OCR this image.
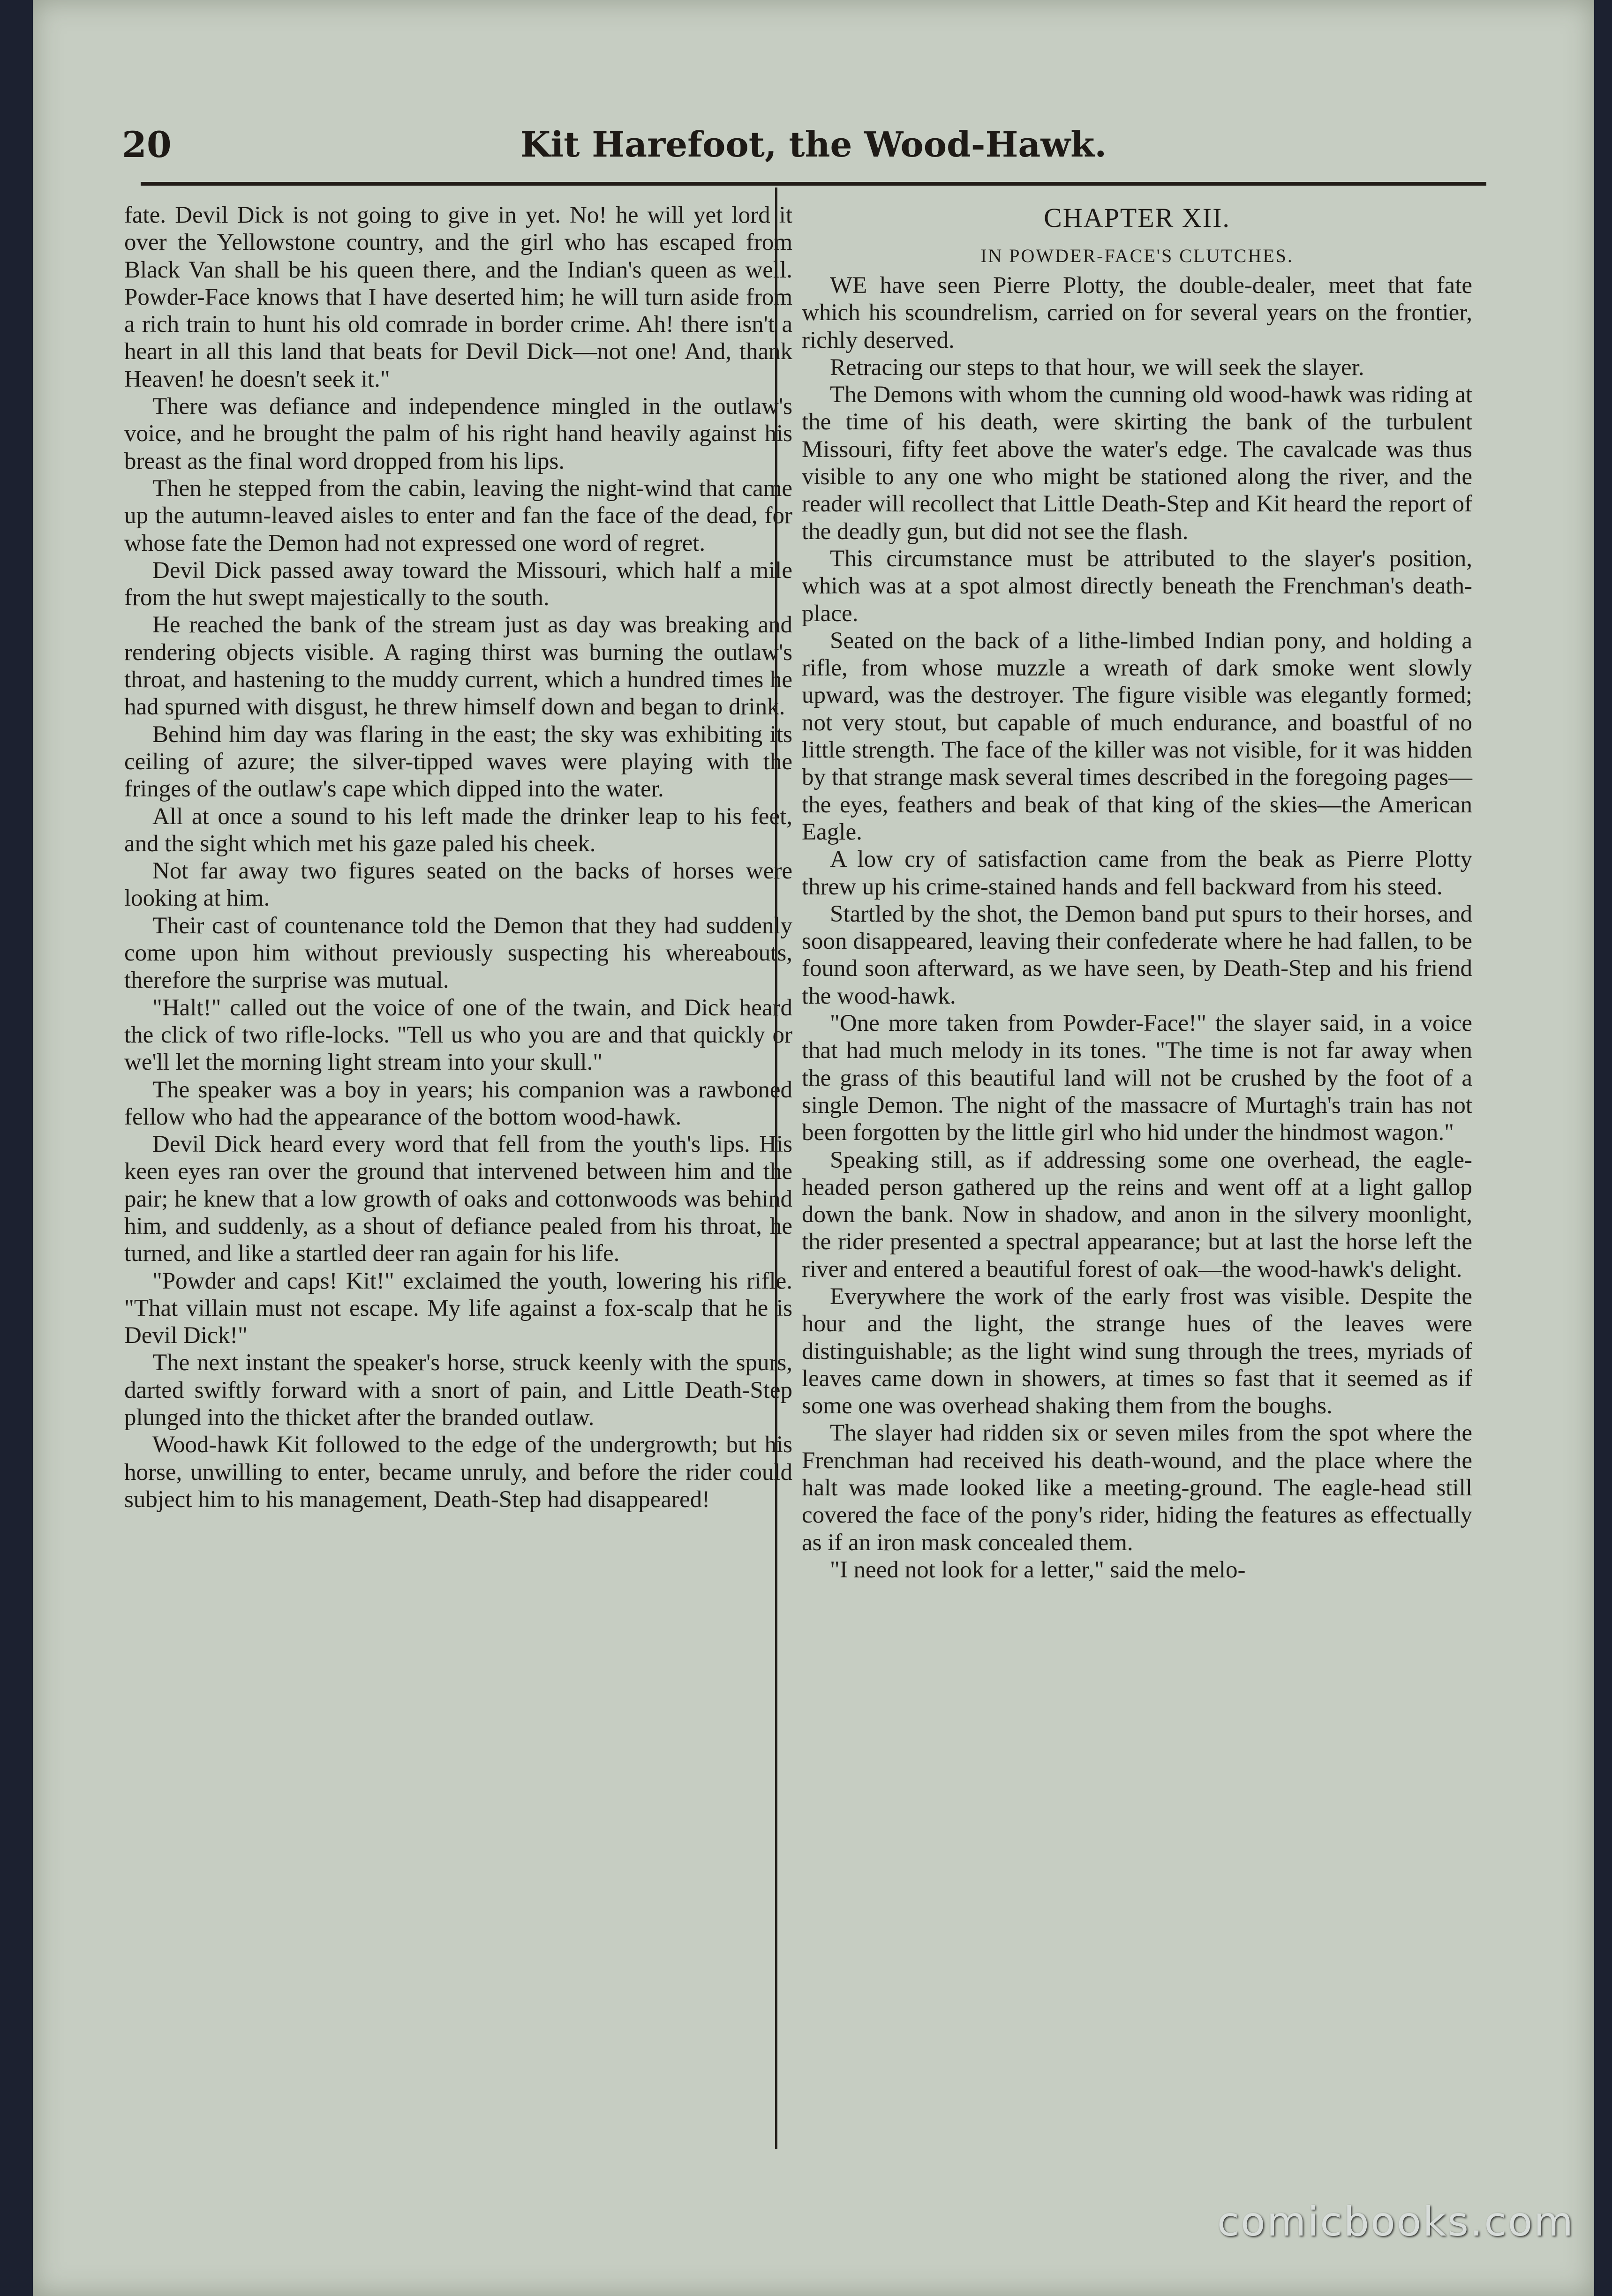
20	Kit Harefoot, the Wood-Hawk.

fate. Devil Dick is not going to give in yet. No! he will yet lord it over the Yellowstone country, and the girl who has escaped from Black Van shall be his queen there, and the Indian's queen as well. Powder-Face knows that I have deserted him; he will turn aside from a rich train to hunt his old comrade in border crime. Ah! there isn't a heart in all this land that beats for Devil Dick—not one! And, thank Heaven! he doesn't seek it."

There was defiance and independence mingled in the outlaw's voice, and he brought the palm of his right hand heavily against his breast as the final word dropped from his lips.

Then he stepped from the cabin, leaving the night-wind that came up the autumn-leaved aisles to enter and fan the face of the dead, for whose fate the Demon had not expressed one word of regret.

Devil Dick passed away toward the Missouri, which half a mile from the hut swept majestically to the south.

He reached the bank of the stream just as day was breaking and rendering objects visible. A raging thirst was burning the outlaw's throat, and hastening to the muddy current, which a hundred times he had spurned with disgust, he threw himself down and began to drink.

Behind him day was flaring in the east; the sky was exhibiting its ceiling of azure; the silver-tipped waves were playing with the fringes of the outlaw's cape which dipped into the water.

All at once a sound to his left made the drinker leap to his feet, and the sight which met his gaze paled his cheek.

Not far away two figures seated on the backs of horses were looking at him.

Their cast of countenance told the Demon that they had suddenly come upon him without previously suspecting his whereabouts, therefore the surprise was mutual.

"Halt!" called out the voice of one of the twain, and Dick heard the click of two rifle-locks. "Tell us who you are and that quickly or we'll let the morning light stream into your skull."

The speaker was a boy in years; his companion was a rawboned fellow who had the appearance of the bottom wood-hawk.

Devil Dick heard every word that fell from the youth's lips. His keen eyes ran over the ground that intervened between him and the pair; he knew that a low growth of oaks and cottonwoods was behind him, and suddenly, as a shout of defiance pealed from his throat, he turned, and like a startled deer ran again for his life.

"Powder and caps! Kit!" exclaimed the youth, lowering his rifle. "That villain must not escape. My life against a fox-scalp that he is Devil Dick!"

The next instant the speaker's horse, struck keenly with the spurs, darted swiftly forward with a snort of pain, and Little Death-Step plunged into the thicket after the branded outlaw.

Wood-hawk Kit followed to the edge of the undergrowth; but his horse, unwilling to enter, became unruly, and before the rider could subject him to his management, Death-Step had disappeared!

CHAPTER XII.
IN POWDER-FACE'S CLUTCHES.

WE have seen Pierre Plotty, the double-dealer, meet that fate which his scoundrelism, carried on for several years on the frontier, richly deserved.

Retracing our steps to that hour, we will seek the slayer.

The Demons with whom the cunning old wood-hawk was riding at the time of his death, were skirting the bank of the turbulent Missouri, fifty feet above the water's edge. The cavalcade was thus visible to any one who might be stationed along the river, and the reader will recollect that Little Death-Step and Kit heard the report of the deadly gun, but did not see the flash.

This circumstance must be attributed to the slayer's position, which was at a spot almost directly beneath the Frenchman's death-place.

Seated on the back of a lithe-limbed Indian pony, and holding a rifle, from whose muzzle a wreath of dark smoke went slowly upward, was the destroyer. The figure visible was elegantly formed; not very stout, but capable of much endurance, and boastful of no little strength. The face of the killer was not visible, for it was hidden by that strange mask several times described in the foregoing pages—the eyes, feathers and beak of that king of the skies—the American Eagle.

A low cry of satisfaction came from the beak as Pierre Plotty threw up his crime-stained hands and fell backward from his steed.

Startled by the shot, the Demon band put spurs to their horses, and soon disappeared, leaving their confederate where he had fallen, to be found soon afterward, as we have seen, by Death-Step and his friend the wood-hawk.

"One more taken from Powder-Face!" the slayer said, in a voice that had much melody in its tones. "The time is not far away when the grass of this beautiful land will not be crushed by the foot of a single Demon. The night of the massacre of Murtagh's train has not been forgotten by the little girl who hid under the hindmost wagon."

Speaking still, as if addressing some one overhead, the eagle-headed person gathered up the reins and went off at a light gallop down the bank. Now in shadow, and anon in the silvery moonlight, the rider presented a spectral appearance; but at last the horse left the river and entered a beautiful forest of oak—the wood-hawk's delight.

Everywhere the work of the early frost was visible. Despite the hour and the light, the strange hues of the leaves were distinguishable; as the light wind sung through the trees, myriads of leaves came down in showers, at times so fast that it seemed as if some one was overhead shaking them from the boughs.

The slayer had ridden six or seven miles from the spot where the Frenchman had received his death-wound, and the place where the halt was made looked like a meeting-ground. The eagle-head still covered the face of the pony's rider, hiding the features as effectually as if an iron mask concealed them.

"I need not look for a letter," said the melo-

comicbooks.com
